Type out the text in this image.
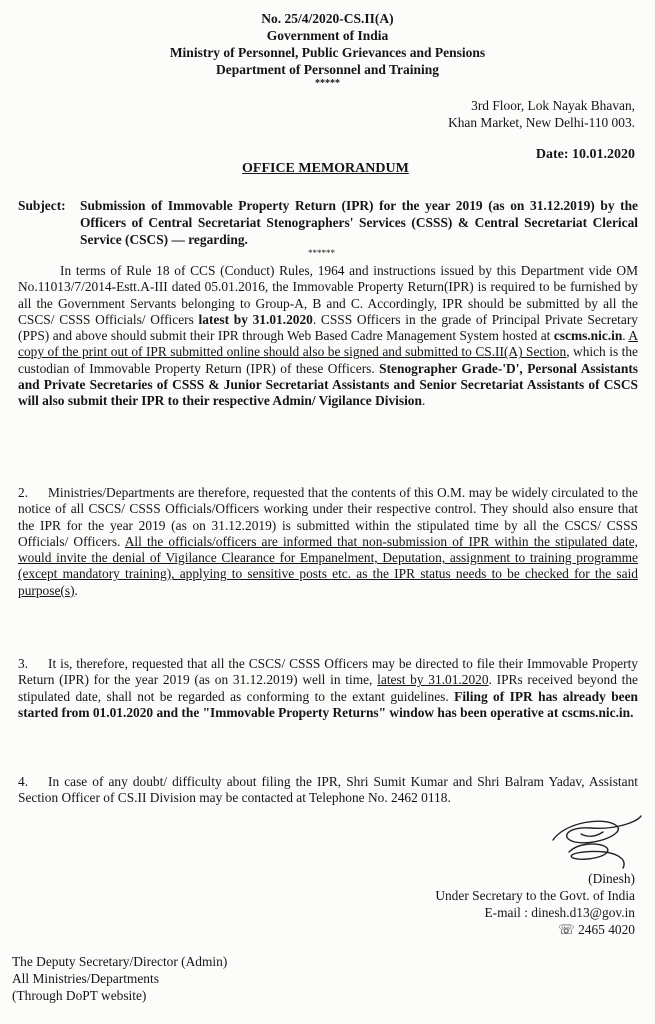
No. 25/4/2020-CS.II(A)
Government of India
Ministry of Personnel, Public Grievances and Pensions
Department of Personnel and Training
*****
3rd Floor, Lok Nayak Bhavan,
Khan Market, New Delhi-110 003.
Date: 10.01.2020
OFFICE MEMORANDUM
Subject: Submission of Immovable Property Return (IPR) for the year 2019 (as on 31.12.2019) by the Officers of Central Secretariat Stenographers' Services (CSSS) & Central Secretariat Clerical Service (CSCS) — regarding.
******

In terms of Rule 18 of CCS (Conduct) Rules, 1964 and instructions issued by this Department vide OM No.11013/7/2014-Estt.A-III dated 05.01.2016, the Immovable Property Return(IPR) is required to be furnished by all the Government Servants belonging to Group-A, B and C. Accordingly, IPR should be submitted by all the CSCS/ CSSS Officials/ Officers latest by 31.01.2020. CSSS Officers in the grade of Principal Private Secretary (PPS) and above should submit their IPR through Web Based Cadre Management System hosted at cscms.nic.in. A copy of the print out of IPR submitted online should also be signed and submitted to CS.II(A) Section, which is the custodian of Immovable Property Return (IPR) of these Officers. Stenographer Grade-'D', Personal Assistants and Private Secretaries of CSSS & Junior Secretariat Assistants and Senior Secretariat Assistants of CSCS will also submit their IPR to their respective Admin/ Vigilance Division.

2. Ministries/Departments are therefore, requested that the contents of this O.M. may be widely circulated to the notice of all CSCS/ CSSS Officials/Officers working under their respective control. They should also ensure that the IPR for the year 2019 (as on 31.12.2019) is submitted within the stipulated time by all the CSCS/ CSSS Officials/ Officers. All the officials/officers are informed that non-submission of IPR within the stipulated date, would invite the denial of Vigilance Clearance for Empanelment, Deputation, assignment to training programme (except mandatory training), applying to sensitive posts etc. as the IPR status needs to be checked for the said purpose(s).

3. It is, therefore, requested that all the CSCS/ CSSS Officers may be directed to file their Immovable Property Return (IPR) for the year 2019 (as on 31.12.2019) well in time, latest by 31.01.2020. IPRs received beyond the stipulated date, shall not be regarded as conforming to the extant guidelines. Filing of IPR has already been started from 01.01.2020 and the "Immovable Property Returns" window has been operative at cscms.nic.in.

4. In case of any doubt/ difficulty about filing the IPR, Shri Sumit Kumar and Shri Balram Yadav, Assistant Section Officer of CS.II Division may be contacted at Telephone No. 2462 0118.

(Dinesh)
Under Secretary to the Govt. of India
E-mail : dinesh.d13@gov.in
☏ 2465 4020
The Deputy Secretary/Director (Admin)
All Ministries/Departments
(Through DoPT website)
